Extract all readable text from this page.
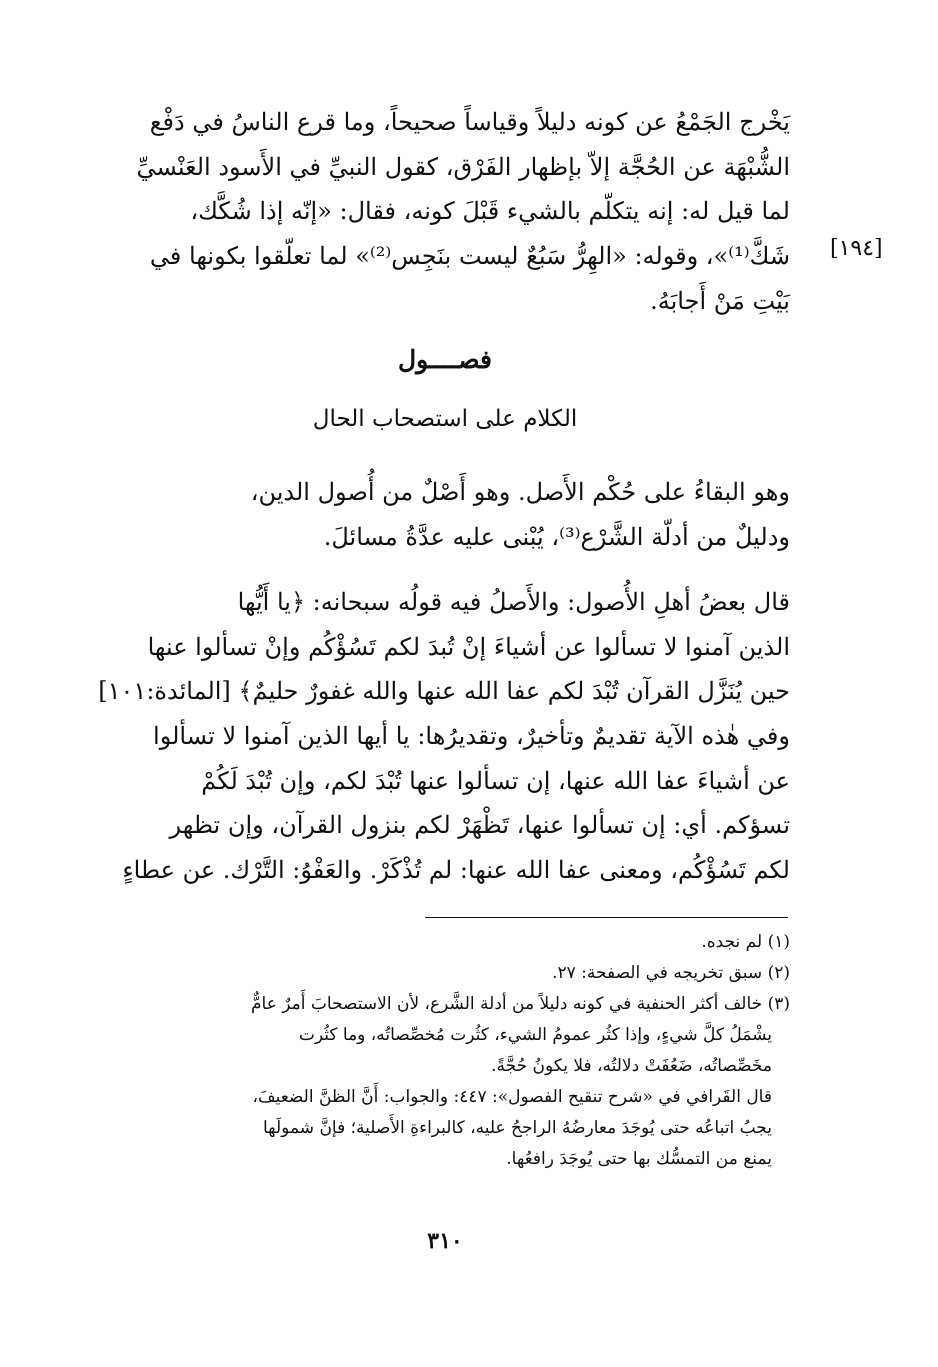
[١٩٤]
يَخْرج الجَمْعُ عن كونه دليلاً وقياساً صحيحاً، وما قرع الناسُ في دَفْع
الشُّبْهَة عن الحُجَّة إلاّ بإظهار الفَرْق، كقول النبيِّ في الأَسود العَنْسيِّ
لما قيل له: إنه يتكلّم بالشيء قَبْلَ كونه، فقال: «إنّه إذا شُكَّك،
شَكَّ⁽¹⁾»، وقوله: «الهِرُّ سَبُعٌ ليست بنَجِس⁽²⁾» لما تعلّقوا بكونها في
بَيْتِ مَنْ أَجابَهُ.
فصــــول
الكلام على استصحاب الحال
وهو البقاءُ على حُكْم الأَصل. وهو أَصْلٌ من أُصول الدين،
ودليلٌ من أدلّة الشَّرْع⁽³⁾، يُبْنى عليه عدَّةُ مسائلَ.
قال بعضُ أهلِ الأُصول: والأَصلُ فيه قولُه سبحانه: ﴿يا أَيُّها
الذين آمنوا لا تسألوا عن أشياءَ إنْ تُبدَ لكم تَسُؤْكُم وإنْ تسألوا عنها
حين يُنَزَّل القرآن تُبْدَ لكم عفا الله عنها والله غفورٌ حليمٌ﴾ [المائدة:١٠١]
وفي هٰذه الآية تقديمٌ وتأخيرٌ، وتقديرُها: يا أيها الذين آمنوا لا تسألوا
عن أشياءَ عفا الله عنها، إن تسألوا عنها تُبْدَ لكم، وإن تُبْدَ لَكُمْ
تسؤكم. أي: إن تسألوا عنها، تَظْهَرْ لكم بنزول القرآن، وإن تظهر
لكم تَسُؤْكُم، ومعنى عفا الله عنها: لم تُذْكَرْ. والعَفْوُ: التَّرْك. عن عطاءٍ
(١) لم نجده.
(٢) سبق تخريجه في الصفحة: ٢٧.
(٣) خالف أكثر الحنفية في كونه دليلاً من أدلة الشَّرع، لأن الاستصحابَ أَمرٌ عامٌّ
يشْمَلُ كلَّ شيءٍ، وإذا كثُر عمومُ الشيء، كثُرت مُخصِّصاتُه، وما كثُرت
مخَصِّصاتُه، ضَعُفَتْ دلالتُه، فلا يكونُ حُجَّةً.
قال القَرافي في «شرح تنقيح الفصول»: ٤٤٧: والجواب: أَنَّ الظنَّ الضعيفَ،
يجبُ اتباعُه حتى يُوجَدَ معارضُهُ الراجحُ عليه، كالبراءةِ الأَصلية؛ فإنَّ شمولَها
يمنع من التمسُّك بها حتى يُوجَدَ رافعُها.
٣١٠
